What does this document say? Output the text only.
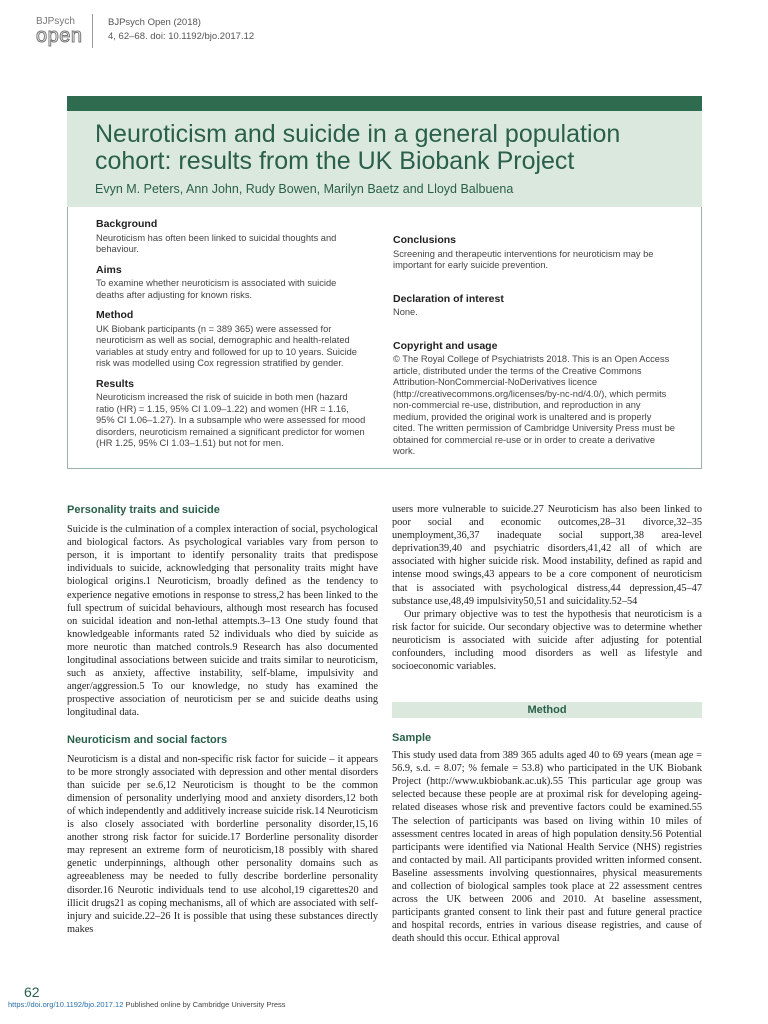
BJPsych
open
BJPsych Open (2018)
4, 62–68. doi: 10.1192/bjo.2017.12
Neuroticism and suicide in a general population cohort: results from the UK Biobank Project
Evyn M. Peters, Ann John, Rudy Bowen, Marilyn Baetz and Lloyd Balbuena
Background

Neuroticism has often been linked to suicidal thoughts and behaviour.

Aims

To examine whether neuroticism is associated with suicide deaths after adjusting for known risks.

Method

UK Biobank participants (n = 389 365) were assessed for neuroticism as well as social, demographic and health-related variables at study entry and followed for up to 10 years. Suicide risk was modelled using Cox regression stratified by gender.

Results

Neuroticism increased the risk of suicide in both men (hazard ratio (HR) = 1.15, 95% CI 1.09–1.22) and women (HR = 1.16, 95% CI 1.06–1.27). In a subsample who were assessed for mood disorders, neuroticism remained a significant predictor for women (HR 1.25, 95% CI 1.03–1.51) but not for men.

Conclusions

Screening and therapeutic interventions for neuroticism may be important for early suicide prevention.

Declaration of interest

None.

Copyright and usage

© The Royal College of Psychiatrists 2018. This is an Open Access article, distributed under the terms of the Creative Commons Attribution-NonCommercial-NoDerivatives licence (http://creativecommons.org/licenses/by-nc-nd/4.0/), which permits non-commercial re-use, distribution, and reproduction in any medium, provided the original work is unaltered and is properly cited. The written permission of Cambridge University Press must be obtained for commercial re-use or in order to create a derivative work.

Personality traits and suicide

Suicide is the culmination of a complex interaction of social, psychological and biological factors. As psychological variables vary from person to person, it is important to identify personality traits that predispose individuals to suicide, acknowledging that personality traits might have biological origins.1 Neuroticism, broadly defined as the tendency to experience negative emotions in response to stress,2 has been linked to the full spectrum of suicidal behaviours, although most research has focused on suicidal ideation and non-lethal attempts.3–13 One study found that knowledgeable informants rated 52 individuals who died by suicide as more neurotic than matched controls.9 Research has also documented longitudinal associations between suicide and traits similar to neuroticism, such as anxiety, affective instability, self-blame, impulsivity and anger/aggression.5 To our knowledge, no study has examined the prospective association of neuroticism per se and suicide deaths using longitudinal data.

Neuroticism and social factors

Neuroticism is a distal and non-specific risk factor for suicide – it appears to be more strongly associated with depression and other mental disorders than suicide per se.6,12 Neuroticism is thought to be the common dimension of personality underlying mood and anxiety disorders,12 both of which independently and additively increase suicide risk.14 Neuroticism is also closely associated with borderline personality disorder,15,16 another strong risk factor for suicide.17 Borderline personality disorder may represent an extreme form of neuroticism,18 possibly with shared genetic underpinnings, although other personality domains such as agreeableness may be needed to fully describe borderline personality disorder.16 Neurotic individuals tend to use alcohol,19 cigarettes20 and illicit drugs21 as coping mechanisms, all of which are associated with self-injury and suicide.22–26 It is possible that using these substances directly makes

users more vulnerable to suicide.27 Neuroticism has also been linked to poor social and economic outcomes,28–31 divorce,32–35 unemployment,36,37 inadequate social support,38 area-level deprivation39,40 and psychiatric disorders,41,42 all of which are associated with higher suicide risk. Mood instability, defined as rapid and intense mood swings,43 appears to be a core component of neuroticism that is associated with psychological distress,44 depression,45–47 substance use,48,49 impulsivity50,51 and suicidality.52–54

Our primary objective was to test the hypothesis that neuroticism is a risk factor for suicide. Our secondary objective was to determine whether neuroticism is associated with suicide after adjusting for potential confounders, including mood disorders as well as lifestyle and socioeconomic variables.

Method
Sample

This study used data from 389 365 adults aged 40 to 69 years (mean age = 56.9, s.d. = 8.07; % female = 53.8) who participated in the UK Biobank Project (http://www.ukbiobank.ac.uk).55 This particular age group was selected because these people are at proximal risk for developing ageing-related diseases whose risk and preventive factors could be examined.55 The selection of participants was based on living within 10 miles of assessment centres located in areas of high population density.56 Potential participants were identified via National Health Service (NHS) registries and contacted by mail. All participants provided written informed consent. Baseline assessments involving questionnaires, physical measurements and collection of biological samples took place at 22 assessment centres across the UK between 2006 and 2010. At baseline assessment, participants granted consent to link their past and future general practice and hospital records, entries in various disease registries, and cause of death should this occur. Ethical approval

62
https://doi.org/10.1192/bjo.2017.12 Published online by Cambridge University Press
